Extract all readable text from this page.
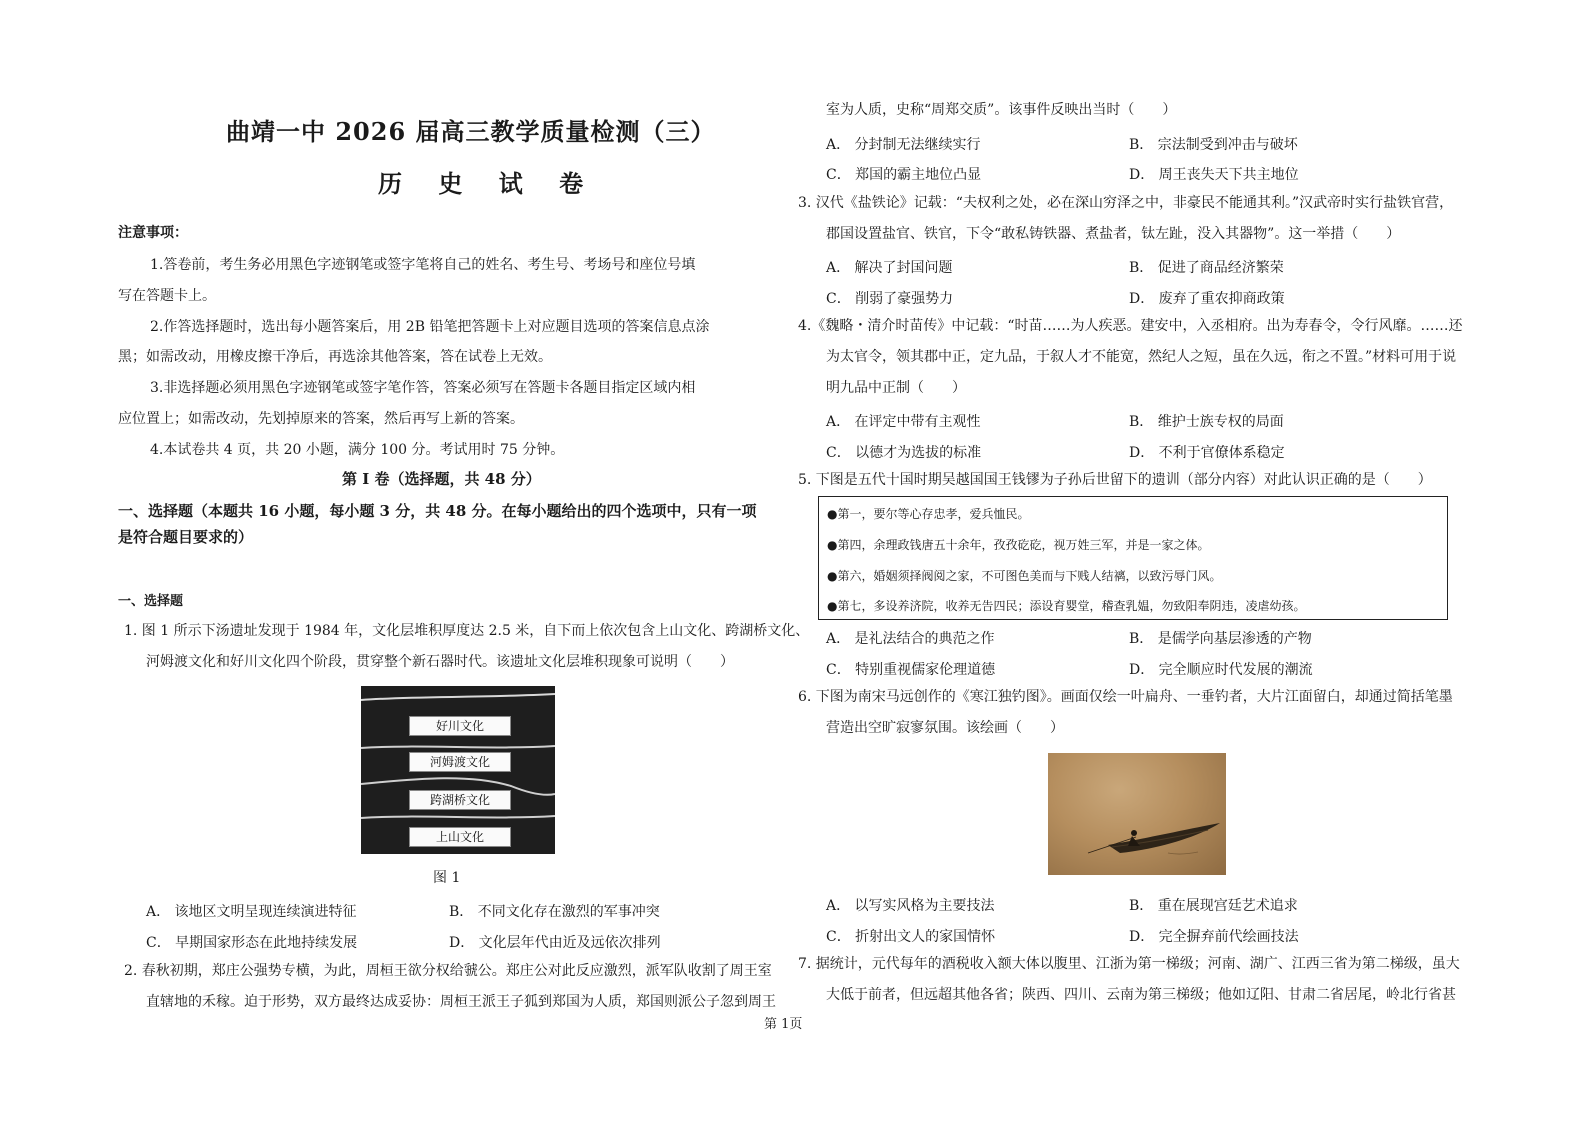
曲靖一中 2026 届高三教学质量检测（三）
历 史 试 卷
注意事项：
1.答卷前，考生务必用黑色字迹钢笔或签字笔将自己的姓名、考生号、考场号和座位号填
写在答题卡上。
2.作答选择题时，选出每小题答案后，用 2B 铅笔把答题卡上对应题目选项的答案信息点涂
黑；如需改动，用橡皮擦干净后，再选涂其他答案，答在试卷上无效。
3.非选择题必须用黑色字迹钢笔或签字笔作答，答案必须写在答题卡各题目指定区域内相
应位置上；如需改动，先划掉原来的答案，然后再写上新的答案。
4.本试卷共 4 页，共 20 小题，满分 100 分。考试用时 75 分钟。
第 I 卷（选择题，共 48 分）
一、选择题（本题共 16 小题，每小题 3 分，共 48 分。在每小题给出的四个选项中，只有一项
是符合题目要求的）
一、选择题
1. 图 1 所示下汤遗址发现于 1984 年，文化层堆积厚度达 2.5 米，自下而上依次包含上山文化、跨湖桥文化、
河姆渡文化和好川文化四个阶段，贯穿整个新石器时代。该遗址文化层堆积现象可说明（　　）
好川文化
河姆渡文化
跨湖桥文化
上山文化
图 1
A． 该地区文明呈现连续演进特征	B． 不同文化存在激烈的军事冲突
C． 早期国家形态在此地持续发展	D． 文化层年代由近及远依次排列
2. 春秋初期，郑庄公强势专横，为此，周桓王欲分权给虢公。郑庄公对此反应激烈，派军队收割了周王室
直辖地的禾稼。迫于形势，双方最终达成妥协：周桓王派王子狐到郑国为人质，郑国则派公子忽到周王
室为人质，史称“周郑交质”。该事件反映出当时（　　）
A． 分封制无法继续实行	B． 宗法制受到冲击与破坏
C． 郑国的霸主地位凸显	D． 周王丧失天下共主地位
3. 汉代《盐铁论》记载：“夫权利之处，必在深山穷泽之中，非豪民不能通其利。”汉武帝时实行盐铁官营，
郡国设置盐官、铁官，下令“敢私铸铁器、煮盐者，钛左趾，没入其器物”。这一举措（　　）
A． 解决了封国问题	B． 促进了商品经济繁荣
C． 削弱了豪强势力	D． 废弃了重农抑商政策
4.《魏略・清介时苗传》中记载：“时苗……为人疾恶。建安中，入丞相府。出为寿春令，令行风靡。……还
为太官令，领其郡中正，定九品，于叙人才不能宽，然纪人之短，虽在久远，衔之不置。”材料可用于说
明九品中正制（　　）
A． 在评定中带有主观性	B． 维护士族专权的局面
C． 以德才为选拔的标准	D． 不利于官僚体系稳定
5. 下图是五代十国时期吴越国国王钱镠为子孙后世留下的遗训（部分内容）对此认识正确的是（　　）
●第一，要尔等心存忠孝，爱兵恤民。
●第四，余理政钱唐五十余年，孜孜矻矻，视万姓三军，并是一家之体。
●第六，婚姻须择阀阅之家，不可图色美而与下贱人结褵，以致污辱门风。
●第七，多设养济院，收养无告四民；添设育婴堂，稽查乳媪，勿致阳奉阴违，凌虐幼孩。
A． 是礼法结合的典范之作	B． 是儒学向基层渗透的产物
C． 特别重视儒家伦理道德	D． 完全顺应时代发展的潮流
6. 下图为南宋马远创作的《寒江独钓图》。画面仅绘一叶扁舟、一垂钓者，大片江面留白，却通过简括笔墨
营造出空旷寂寥氛围。该绘画（　　）
A． 以写实风格为主要技法	B． 重在展现宫廷艺术追求
C． 折射出文人的家国情怀	D． 完全摒弃前代绘画技法
7. 据统计，元代每年的酒税收入额大体以腹里、江浙为第一梯级；河南、湖广、江西三省为第二梯级，虽大
大低于前者，但远超其他各省；陕西、四川、云南为第三梯级；他如辽阳、甘肃二省居尾，岭北行省甚
第 1页
